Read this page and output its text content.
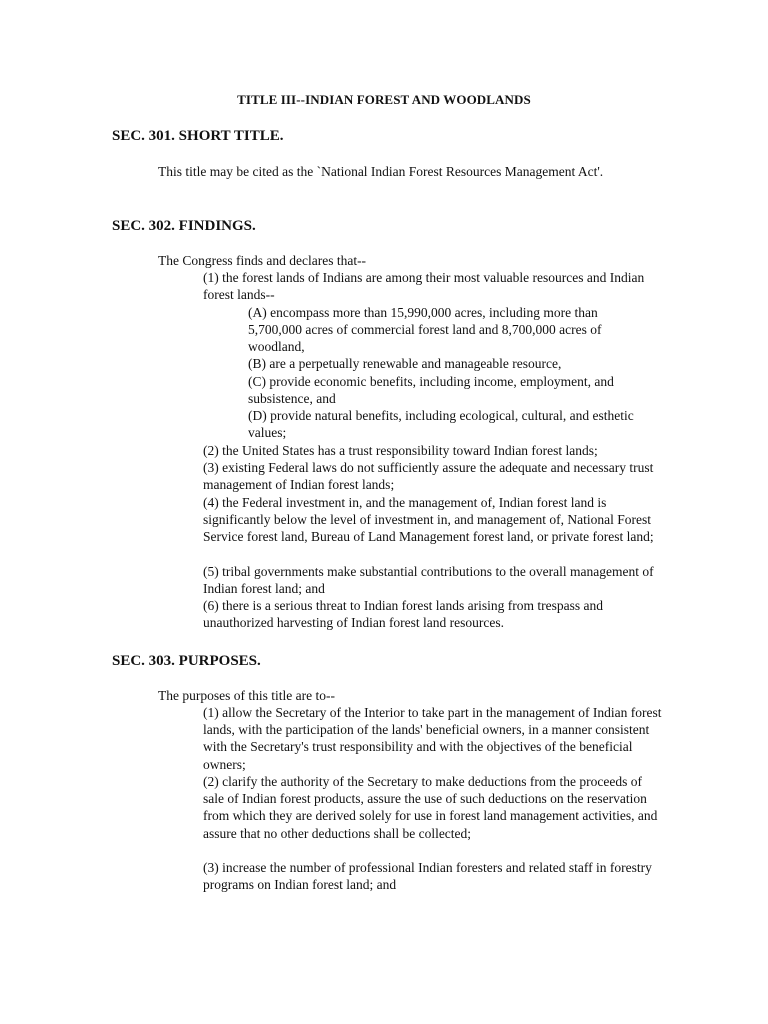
TITLE III--INDIAN FOREST AND WOODLANDS
SEC. 301. SHORT TITLE.
This title may be cited as the `National Indian Forest Resources Management Act'.
SEC. 302. FINDINGS.
The Congress finds and declares that--
(1) the forest lands of Indians are among their most valuable resources and Indian forest lands--
(A) encompass more than 15,990,000 acres, including more than 5,700,000 acres of commercial forest land and 8,700,000 acres of woodland,
(B) are a perpetually renewable and manageable resource,
(C) provide economic benefits, including income, employment, and subsistence, and
(D) provide natural benefits, including ecological, cultural, and esthetic values;
(2) the United States has a trust responsibility toward Indian forest lands;
(3) existing Federal laws do not sufficiently assure the adequate and necessary trust management of Indian forest lands;
(4) the Federal investment in, and the management of, Indian forest land is significantly below the level of investment in, and management of, National Forest Service forest land, Bureau of Land Management forest land, or private forest land;
(5) tribal governments make substantial contributions to the overall management of Indian forest land; and
(6) there is a serious threat to Indian forest lands arising from trespass and unauthorized harvesting of Indian forest land resources.
SEC. 303. PURPOSES.
The purposes of this title are to--
(1) allow the Secretary of the Interior to take part in the management of Indian forest lands, with the participation of the lands' beneficial owners, in a manner consistent with the Secretary's trust responsibility and with the objectives of the beneficial owners;
(2) clarify the authority of the Secretary to make deductions from the proceeds of sale of Indian forest products, assure the use of such deductions on the reservation from which they are derived solely for use in forest land management activities, and assure that no other deductions shall be collected;
(3) increase the number of professional Indian foresters and related staff in forestry programs on Indian forest land; and
